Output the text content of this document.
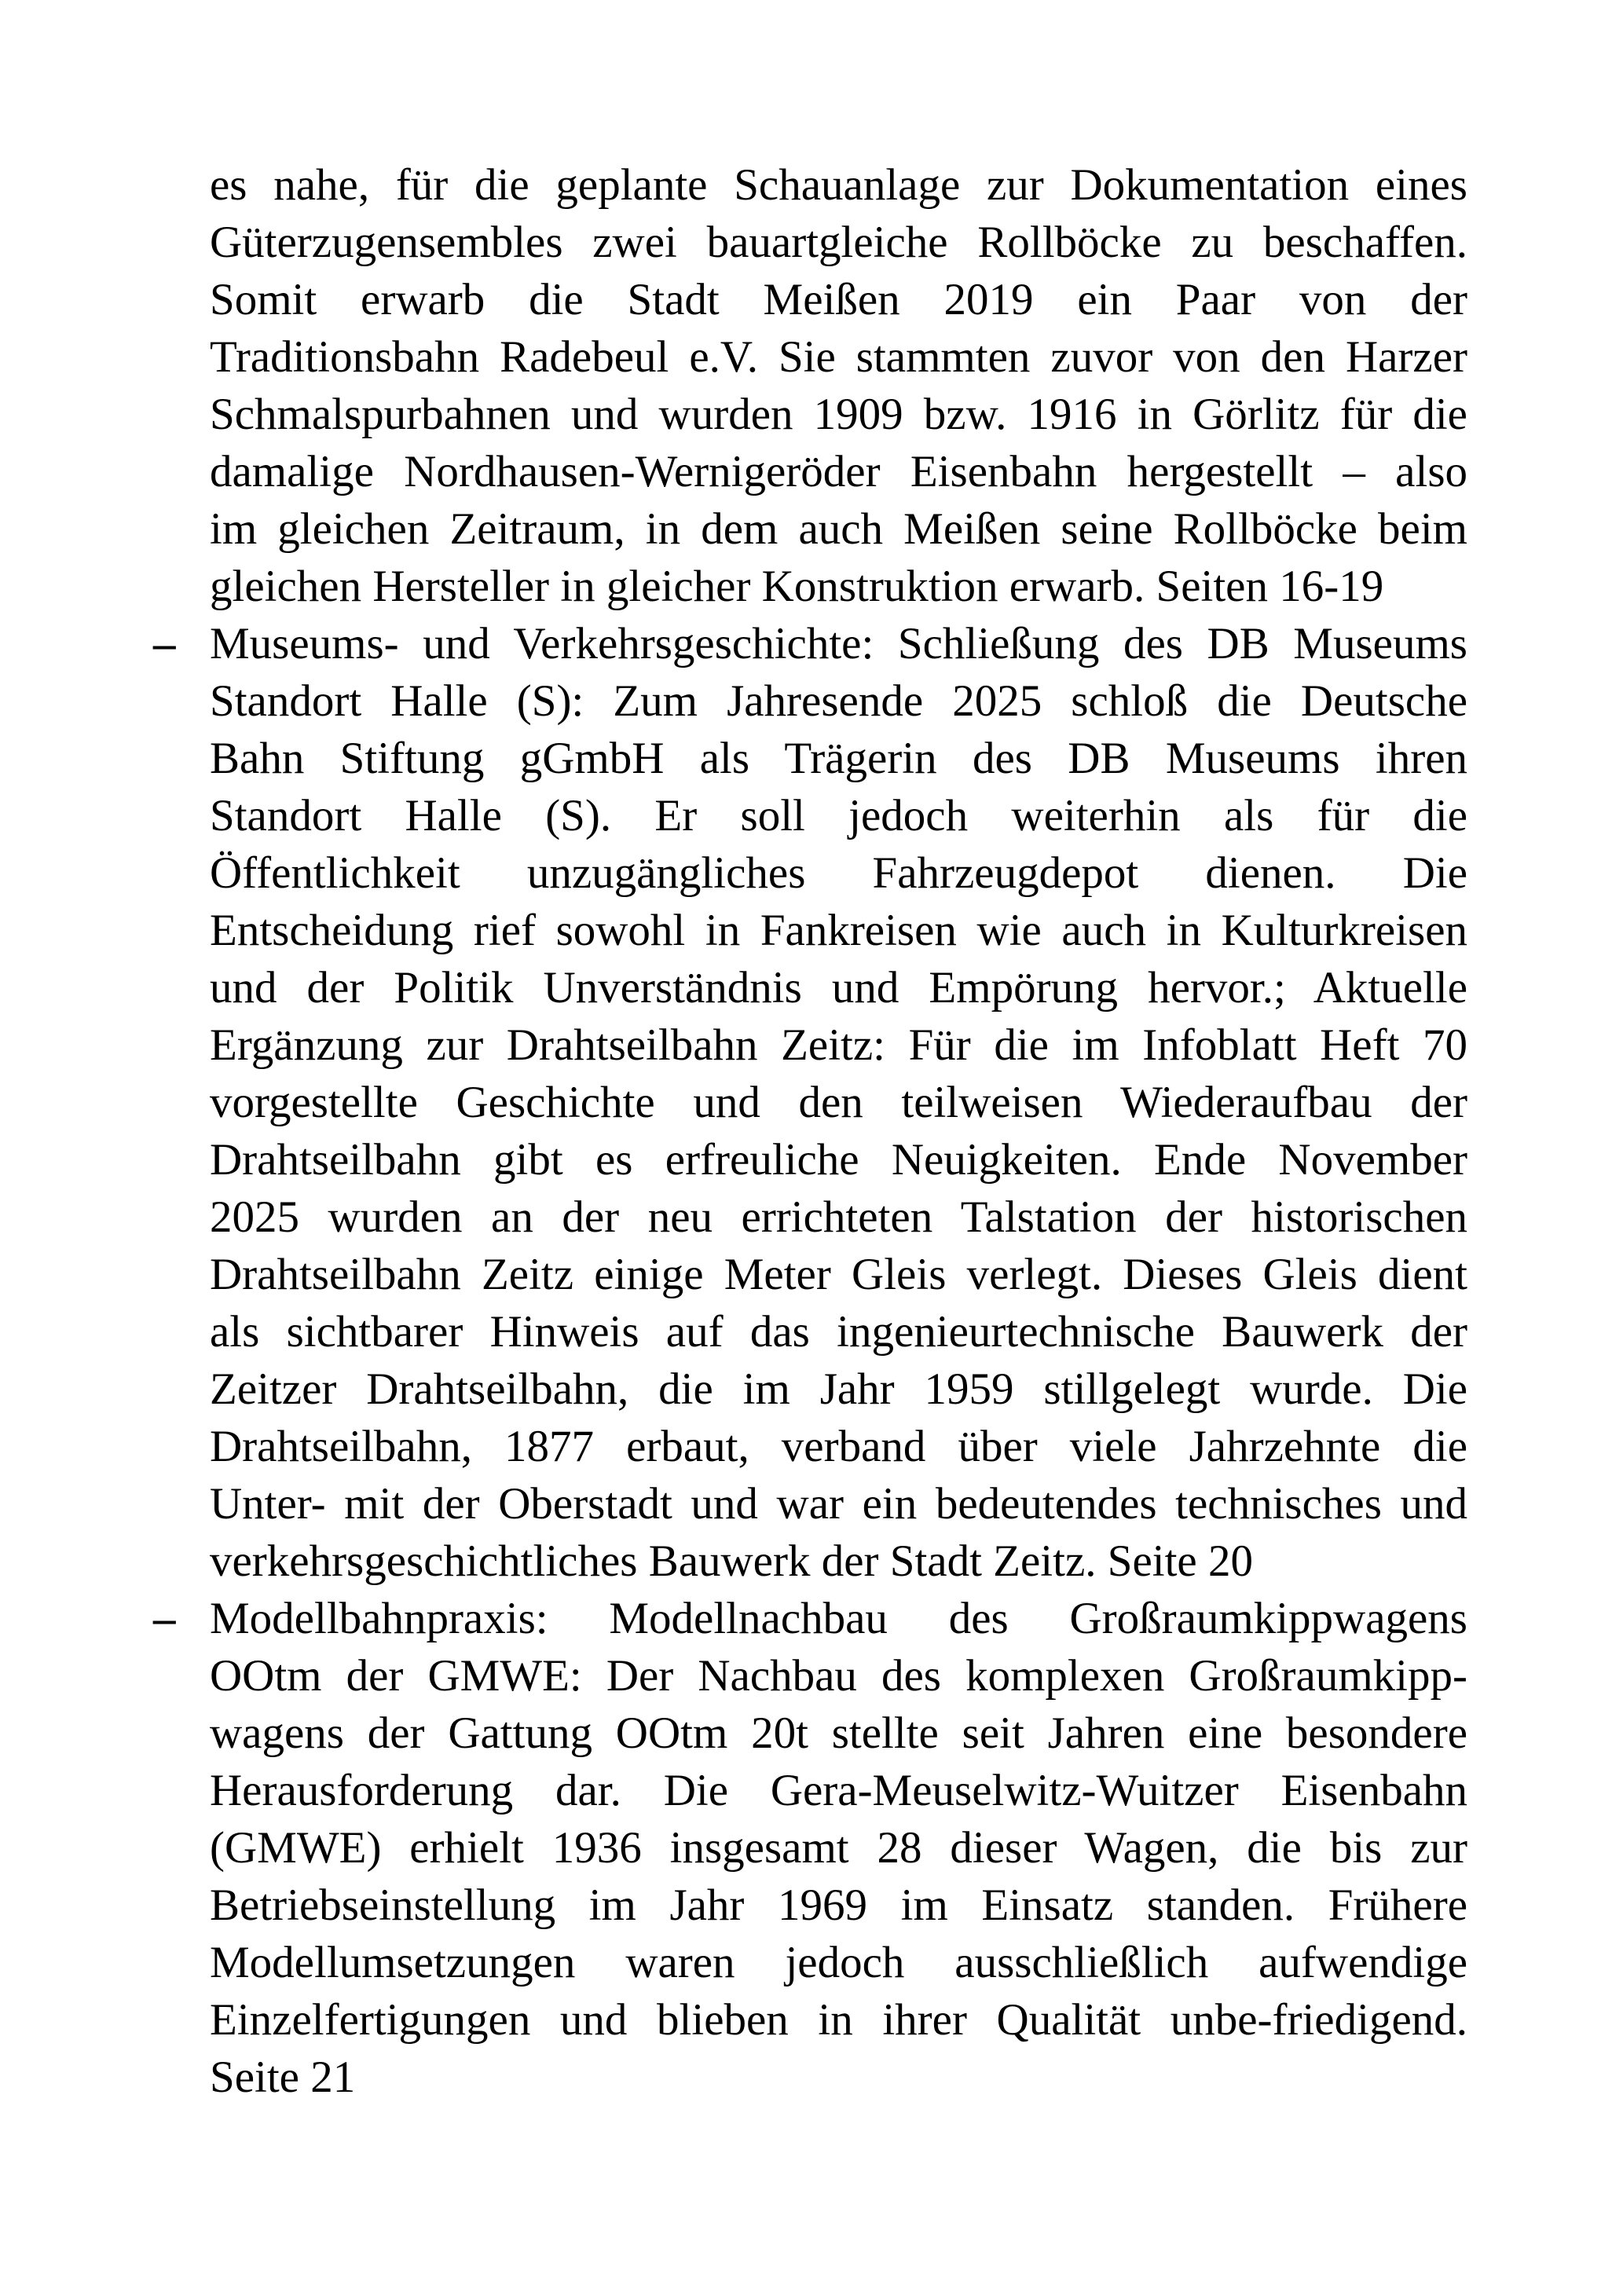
es nahe, für die geplante Schauanlage zur Dokumentation eines
Güterzugensembles zwei bauartgleiche Rollböcke zu beschaffen.
Somit erwarb die Stadt Meißen 2019 ein Paar von der
Traditionsbahn Radebeul e.V. Sie stammten zuvor von den Harzer
Schmalspurbahnen und wurden 1909 bzw. 1916 in Görlitz für die
damalige Nordhausen-Wernigeröder Eisenbahn hergestellt – also
im gleichen Zeitraum, in dem auch Meißen seine Rollböcke beim
gleichen Hersteller in gleicher Konstruktion erwarb. Seiten 16-19
– Museums- und Verkehrsgeschichte: Schließung des DB Museums
Standort Halle (S): Zum Jahresende 2025 schloß die Deutsche
Bahn Stiftung gGmbH als Trägerin des DB Museums ihren
Standort Halle (S). Er soll jedoch weiterhin als für die
Öffentlichkeit unzugängliches Fahrzeugdepot dienen. Die
Entscheidung rief sowohl in Fankreisen wie auch in Kulturkreisen
und der Politik Unverständnis und Empörung hervor.; Aktuelle
Ergänzung zur Drahtseilbahn Zeitz: Für die im Infoblatt Heft 70
vorgestellte Geschichte und den teilweisen Wiederaufbau der
Drahtseilbahn gibt es erfreuliche Neuigkeiten. Ende November
2025 wurden an der neu errichteten Talstation der historischen
Drahtseilbahn Zeitz einige Meter Gleis verlegt. Dieses Gleis dient
als sichtbarer Hinweis auf das ingenieurtechnische Bauwerk der
Zeitzer Drahtseilbahn, die im Jahr 1959 stillgelegt wurde. Die
Drahtseilbahn, 1877 erbaut, verband über viele Jahrzehnte die
Unter- mit der Oberstadt und war ein bedeutendes technisches und
verkehrsgeschichtliches Bauwerk der Stadt Zeitz. Seite 20
– Modellbahnpraxis: Modellnachbau des Großraumkippwagens
OOtm der GMWE: Der Nachbau des komplexen Großraumkipp-
wagens der Gattung OOtm 20t stellte seit Jahren eine besondere
Herausforderung dar. Die Gera-Meuselwitz-Wuitzer Eisenbahn
(GMWE) erhielt 1936 insgesamt 28 dieser Wagen, die bis zur
Betriebseinstellung im Jahr 1969 im Einsatz standen. Frühere
Modellumsetzungen waren jedoch ausschließlich aufwendige
Einzelfertigungen und blieben in ihrer Qualität unbe-friedigend.
Seite 21
